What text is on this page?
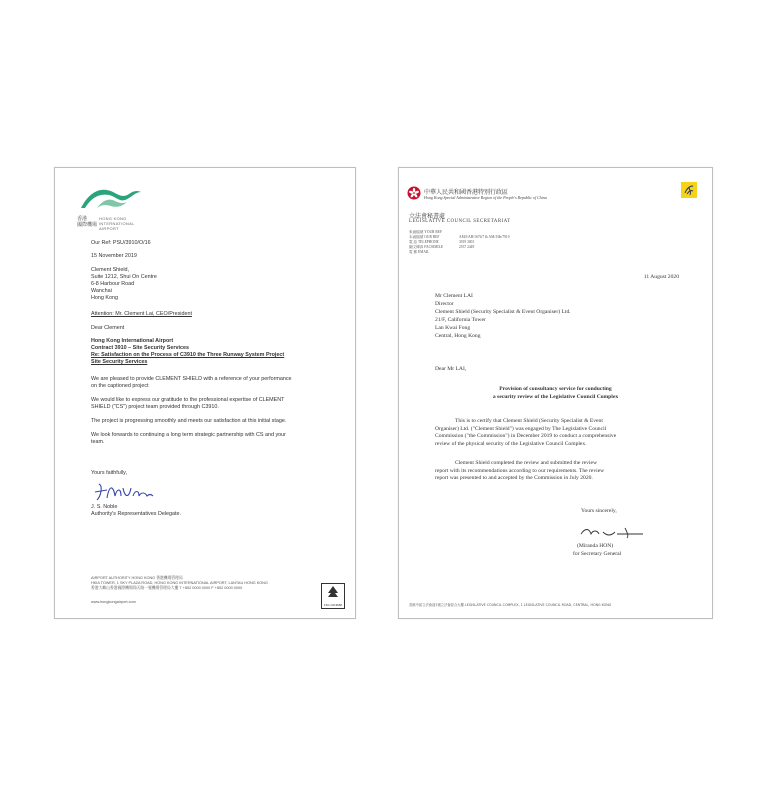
香港
國際機場
HONG KONG
INTERNATIONAL
AIRPORT
Our Ref: PSU/3910/O/16
15 November 2019
Clement Shield,
Suite 1212, Shui On Centre
6-8 Harbour Road
Wanchai
Hong Kong
Attention: Mr. Clement Lai, CEO/President
Dear Clement
Hong Kong International Airport
Contract 3910 – Site Security Services
Re: Satisfaction on the Process of C3910 the Three Runway System Project
Site Security Services
We are pleased to provide CLEMENT SHIELD with a reference of your performance
on the captioned project
We would like to express our gratitude to the professional expertise of CLEMENT
SHIELD ("CS") project team provided through C3910.
The project is progressing smoothly and meets our satisfaction at this initial stage.
We look forwards to continuing a long term strategic partnership with CS and your
team.
Yours faithfully,
J. S. Noble
Authority's Representatives Delegate.
AIRPORT AUTHORITY HONG KONG 香港機場管理局
HKIA TOWER, 1 SKY PLAZA ROAD, HONG KONG INTERNATIONAL AIRPORT, LANTAU HONG KONG
香港大嶼山香港國際機場翔天路一號機場管理局大樓 T +852 0000 0000 F +852 0000 0000
www.hongkongairport.com
FSC-C019968
中華人民共和國香港特別行政區
Hong Kong Special Administrative Region of the People's Republic of China
立法會秘書處
LEGISLATIVE COUNCIL SECRETARIAT
來函檔號 YOUR REF
本函檔號 OUR REF	AM/J/AB/1676/7 & AM/J/4b/7910
電 話 TELEPHONE	3919 3001
圖文傳真 FACSIMILE	2537 2449
電 郵 EMAIL
11 August 2020
Mr Clement LAI
Director
Clement Shield (Security Specialist & Event Organiser) Ltd.
21/F, California Tower
Lan Kwai Fong
Central, Hong Kong
Dear Mr LAI,
Provision of consultancy service for conducting
a security review of the Legislative Council Complex
This is to certify that Clement Shield (Security Specialist & Event
Organiser) Ltd. ("Clement Shield") was engaged by The Legislative Council
Commission ("the Commission") in December 2019 to conduct a comprehensive
review of the physical security of the Legislative Council Complex.
Clement Shield completed the review and submitted the review
report with its recommendations according to our requirements. The review
report was presented to and accepted by the Commission in July 2020.
Yours sincerely,
(Miranda HON)
for Secretary General
香港中區立法會道1號立法會綜合大樓 LEGISLATIVE COUNCIL COMPLEX, 1 LEGISLATIVE COUNCIL ROAD, CENTRAL, HONG KONG
